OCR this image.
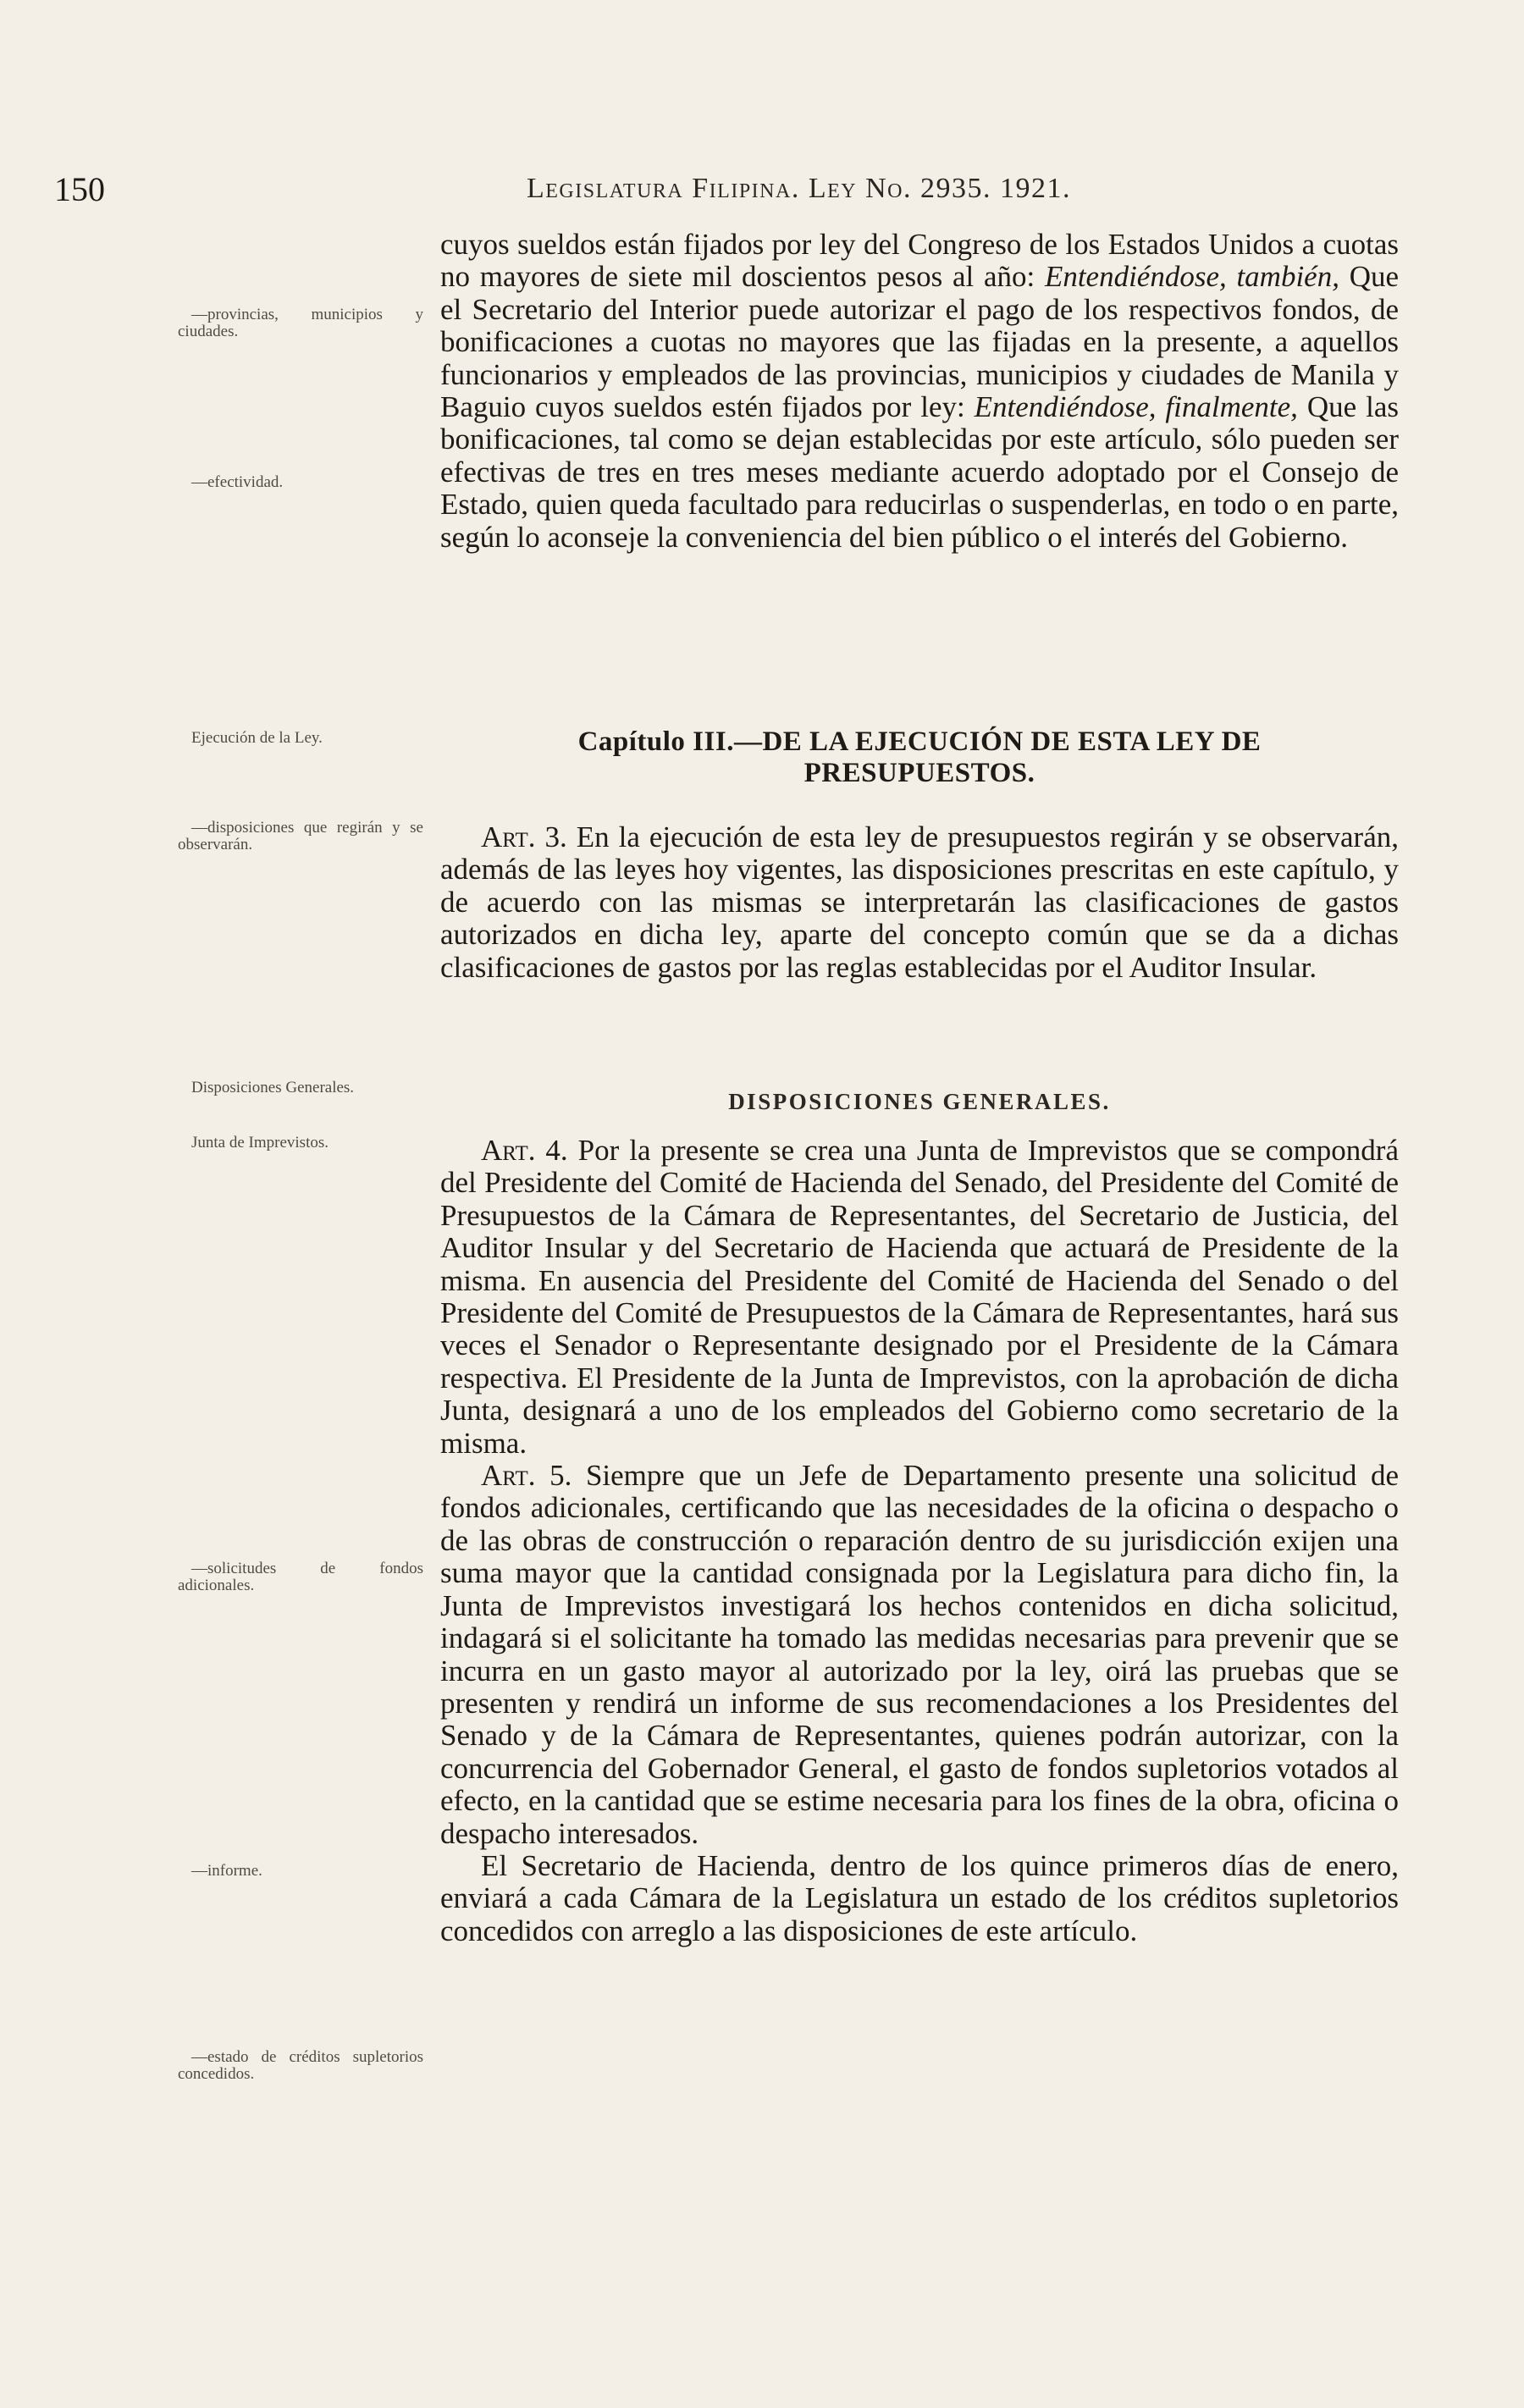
150	Legislatura Filipina. Ley No. 2935. 1921.
—provincias, municipios y ciudades.
—efectividad.
Ejecución de la Ley.
—disposiciones que regirán y se observarán.
Disposiciones Generales.
Junta de Imprevistos.
—solicitudes de fondos adicionales.
—informe.
—estado de créditos supletorios concedidos.

cuyos sueldos están fijados por ley del Congreso de los Estados Unidos a cuotas no mayores de siete mil doscientos pesos al año: Entendiéndose, también, Que el Secretario del Interior puede autorizar el pago de los respectivos fondos, de bonificaciones a cuotas no mayores que las fijadas en la presente, a aquellos funcionarios y empleados de las provincias, municipios y ciudades de Manila y Baguio cuyos sueldos estén fijados por ley: Entendiéndose, finalmente, Que las bonificaciones, tal como se dejan establecidas por este artículo, sólo pueden ser efectivas de tres en tres meses mediante acuerdo adoptado por el Consejo de Estado, quien queda facultado para reducirlas o suspenderlas, en todo o en parte, según lo aconseje la conveniencia del bien público o el interés del Gobierno.

Capítulo III.—DE LA EJECUCIÓN DE ESTA LEY DE
PRESUPUESTOS.

Art. 3. En la ejecución de esta ley de presupuestos regirán y se observarán, además de las leyes hoy vigentes, las disposiciones prescritas en este capítulo, y de acuerdo con las mismas se interpretarán las clasificaciones de gastos autorizados en dicha ley, aparte del concepto común que se da a dichas clasificaciones de gastos por las reglas establecidas por el Auditor Insular.

DISPOSICIONES GENERALES.

Art. 4. Por la presente se crea una Junta de Imprevistos que se compondrá del Presidente del Comité de Hacienda del Senado, del Presidente del Comité de Presupuestos de la Cámara de Representantes, del Secretario de Justicia, del Auditor Insular y del Secretario de Hacienda que actuará de Presidente de la misma. En ausencia del Presidente del Comité de Hacienda del Senado o del Presidente del Comité de Presupuestos de la Cámara de Representantes, hará sus veces el Senador o Representante designado por el Presidente de la Cámara respectiva. El Presidente de la Junta de Imprevistos, con la aprobación de dicha Junta, designará a uno de los empleados del Gobierno como secretario de la misma.

Art. 5. Siempre que un Jefe de Departamento presente una solicitud de fondos adicionales, certificando que las necesidades de la oficina o despacho o de las obras de construcción o reparación dentro de su jurisdicción exijen una suma mayor que la cantidad consignada por la Legislatura para dicho fin, la Junta de Imprevistos investigará los hechos contenidos en dicha solicitud, indagará si el solicitante ha tomado las medidas necesarias para prevenir que se incurra en un gasto mayor al autorizado por la ley, oirá las pruebas que se presenten y rendirá un informe de sus recomendaciones a los Presidentes del Senado y de la Cámara de Representantes, quienes podrán autorizar, con la concurrencia del Gobernador General, el gasto de fondos supletorios votados al efecto, en la cantidad que se estime necesaria para los fines de la obra, oficina o despacho interesados.

El Secretario de Hacienda, dentro de los quince primeros días de enero, enviará a cada Cámara de la Legislatura un estado de los créditos supletorios concedidos con arreglo a las disposiciones de este artículo.
